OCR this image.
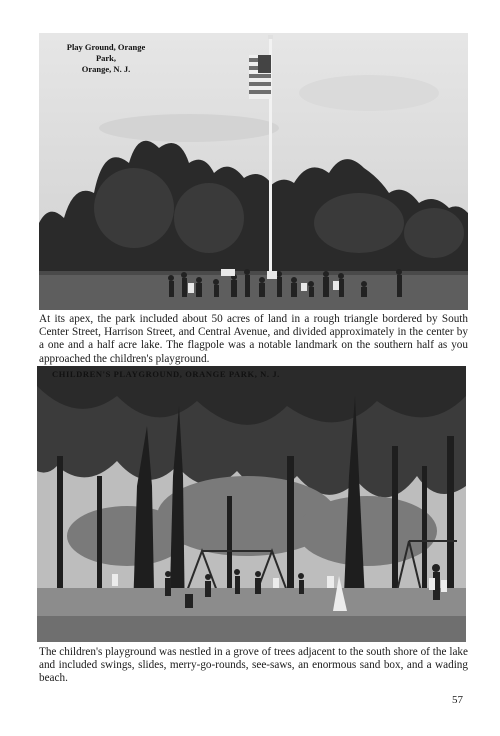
Play Ground, Orange Park,
Orange, N. J.
At its apex, the park included about 50 acres of land in a rough triangle bordered by South Center Street, Harrison Street, and Central Avenue, and divided approximately in the center by a one and a half acre lake. The flagpole was a notable landmark on the southern half as you approached the children's playground.
CHILDREN'S PLAYGROUND, ORANGE PARK, N. J.
The children's playground was nestled in a grove of trees adjacent to the south shore of the lake and included swings, slides, merry-go-rounds, see-saws, an enormous sand box, and a wading beach.
57
